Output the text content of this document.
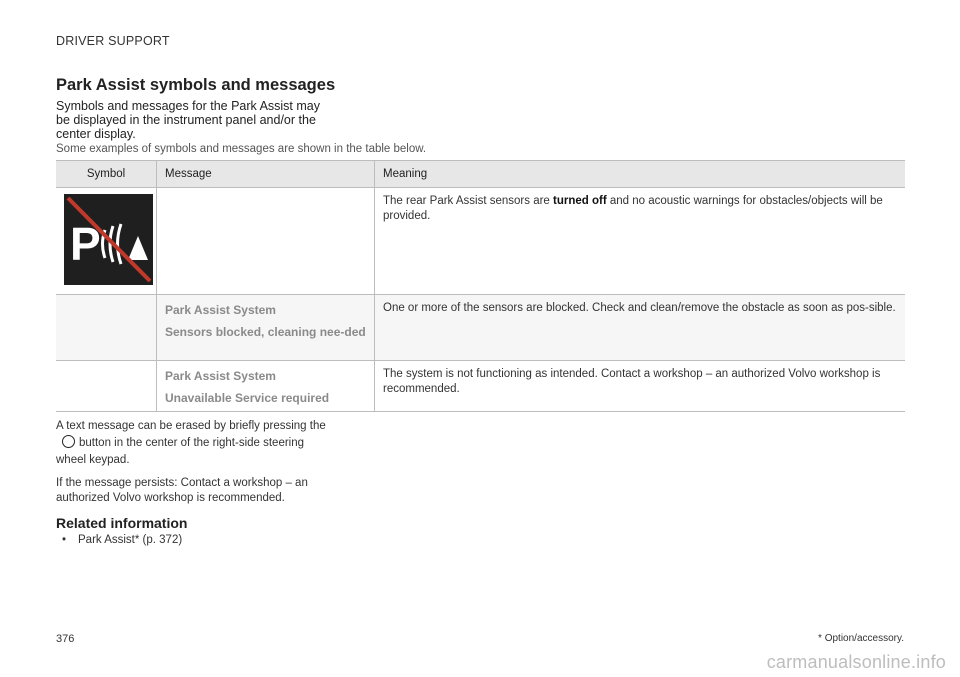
DRIVER SUPPORT
Park Assist symbols and messages
Symbols and messages for the Park Assist may be displayed in the instrument panel and/or the center display.
Some examples of symbols and messages are shown in the table below.
Symbol	Message	Meaning

P		The rear Park Assist sensors are turned off and no acoustic warnings for obstacles/objects will be provided.

	Park Assist System
Sensors blocked, cleaning nee-ded	One or more of the sensors are blocked. Check and clean/remove the obstacle as soon as pos-sible.

	Park Assist System
Unavailable Service required	The system is not functioning as intended. Contact a workshop – an authorized Volvo workshop is recommended.
A text message can be erased by briefly pressing thebutton in the center of the right-side steering wheel keypad.
If the message persists: Contact a workshop – an authorized Volvo workshop is recommended.
Related information
• Park Assist* (p. 372)
376	* Option/accessory.
carmanualsonline.info
